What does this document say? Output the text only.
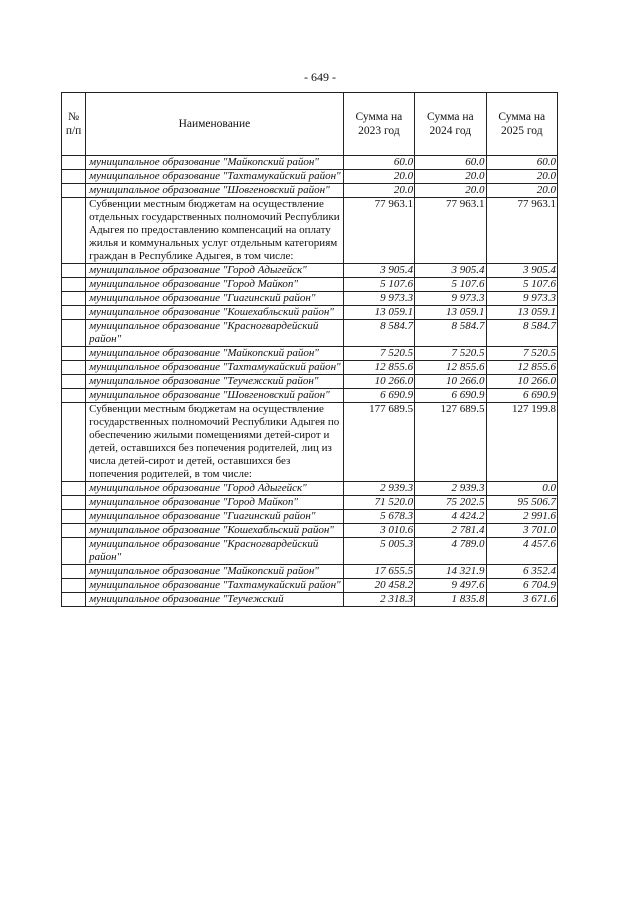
- 649 -
№ п/п	Наименование	Сумма на 2023 год	Сумма на 2024 год	Сумма на 2025 год
	муниципальное образование "Майкопский район"	60.0	60.0	60.0
	муниципальное образование "Тахтамукайский район"	20.0	20.0	20.0
	муниципальное образование "Шовгеновский район"	20.0	20.0	20.0
	Субвенции местным бюджетам на осуществление отдельных государственных полномочий Республики Адыгея по предоставлению компенсаций на оплату жилья и коммунальных услуг отдельным категориям граждан в Республике Адыгея, в том числе:	77 963.1	77 963.1	77 963.1
	муниципальное образование "Город Адыгейск"	3 905.4	3 905.4	3 905.4
	муниципальное образование "Город Майкоп"	5 107.6	5 107.6	5 107.6
	муниципальное образование "Гиагинский район"	9 973.3	9 973.3	9 973.3
	муниципальное образование "Кошехабльский район"	13 059.1	13 059.1	13 059.1
	муниципальное образование "Красногвардейский район"	8 584.7	8 584.7	8 584.7
	муниципальное образование "Майкопский район"	7 520.5	7 520.5	7 520.5
	муниципальное образование "Тахтамукайский район"	12 855.6	12 855.6	12 855.6
	муниципальное образование "Теучежский район"	10 266.0	10 266.0	10 266.0
	муниципальное образование "Шовгеновский район"	6 690.9	6 690.9	6 690.9
	Субвенции местным бюджетам на осуществление государственных полномочий Республики Адыгея по обеспечению жилыми помещениями детей-сирот и детей, оставшихся без попечения родителей, лиц из числа детей-сирот и детей, оставшихся без попечения родителей, в том числе:	177 689.5	127 689.5	127 199.8
	муниципальное образование "Город Адыгейск"	2 939.3	2 939.3	0.0
	муниципальное образование "Город Майкоп"	71 520.0	75 202.5	95 506.7
	муниципальное образование "Гиагинский район"	5 678.3	4 424.2	2 991.6
	муниципальное образование "Кошехабльский район"	3 010.6	2 781.4	3 701.0
	муниципальное образование "Красногвардейский район"	5 005.3	4 789.0	4 457.6
	муниципальное образование "Майкопский район"	17 655.5	14 321.9	6 352.4
	муниципальное образование "Тахтамукайский район"	20 458.2	9 497.6	6 704.9
	муниципальное образование "Теучежский	2 318.3	1 835.8	3 671.6
